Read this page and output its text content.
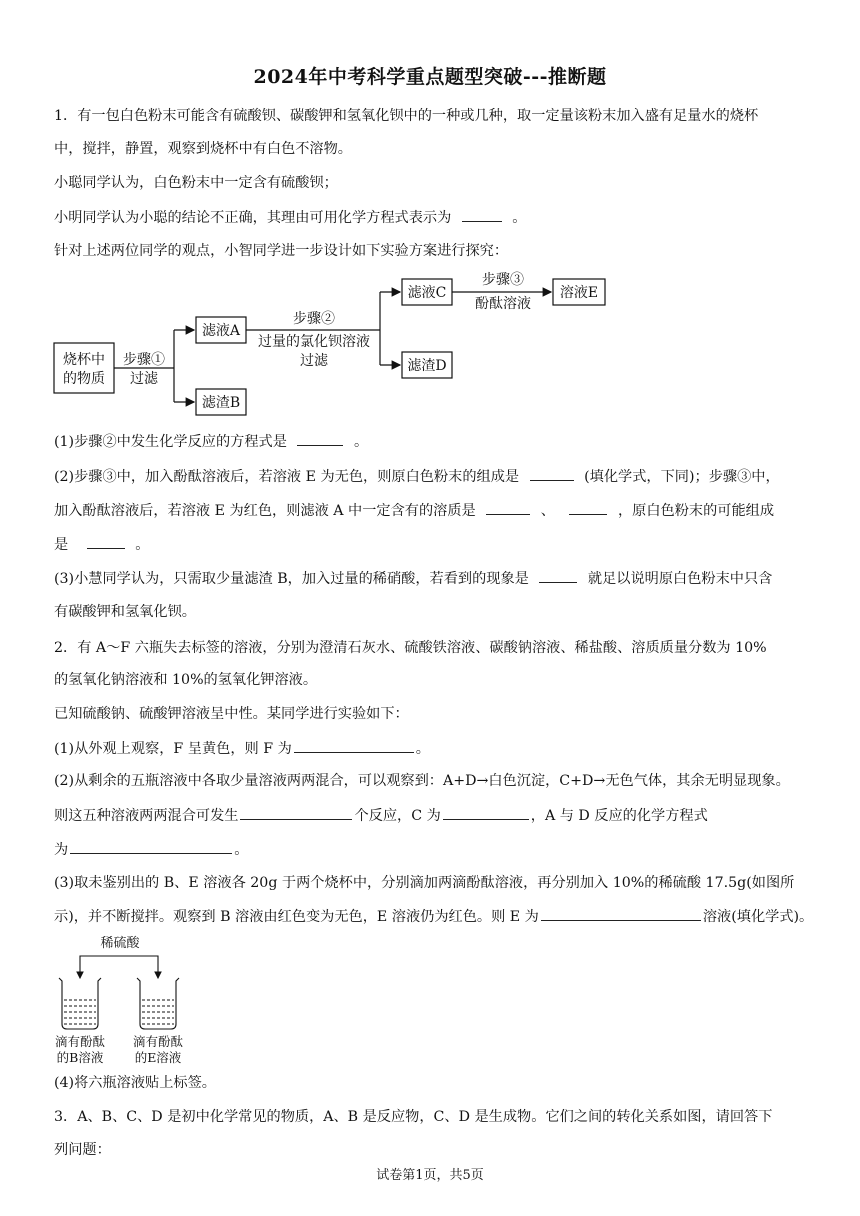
2024年中考科学重点题型突破---推断题
1．有一包白色粉末可能含有硫酸钡、碳酸钾和氢氧化钡中的一种或几种，取一定量该粉末加入盛有足量水的烧杯
中，搅拌，静置，观察到烧杯中有白色不溶物。
小聪同学认为，白色粉末中一定含有硫酸钡；
小明同学认为小聪的结论不正确，其理由可用化学方程式表示为	。
针对上述两位同学的观点，小智同学进一步设计如下实验方案进行探究：
烧杯中
的物质
步骤①
过滤
滤液A
滤渣B
步骤②
过量的氯化钡溶液
过滤
滤液C
滤渣D
步骤③
酚酞溶液
溶液E
(1)步骤②中发生化学反应的方程式是	。
(2)步骤③中，加入酚酞溶液后，若溶液 E 为无色，则原白色粉末的组成是	(填化学式，下同)；步骤③中，
加入酚酞溶液后，若溶液 E 为红色，则滤液 A 中一定含有的溶质是	、	，原白色粉末的可能组成
是	。
(3)小慧同学认为，只需取少量滤渣 B，加入过量的稀硝酸，若看到的现象是	就足以说明原白色粉末中只含
有碳酸钾和氢氧化钡。
2．有 A～F 六瓶失去标签的溶液，分别为澄清石灰水、硫酸铁溶液、碳酸钠溶液、稀盐酸、溶质质量分数为 10%
的氢氧化钠溶液和 10%的氢氧化钾溶液。
已知硫酸钠、硫酸钾溶液呈中性。某同学进行实验如下：
(1)从外观上观察，F 呈黄色，则 F 为	。
(2)从剩余的五瓶溶液中各取少量溶液两两混合，可以观察到：A+D→白色沉淀，C+D→无色气体，其余无明显现象。
则这五种溶液两两混合可发生	个反应，C 为	，A 与 D 反应的化学方程式
为	。
(3)取未鉴别出的 B、E 溶液各 20g 于两个烧杯中，分别滴加两滴酚酞溶液，再分别加入 10%的稀硫酸 17.5g(如图所
示)，并不断搅拌。观察到 B 溶液由红色变为无色，E 溶液仍为红色。则 E 为	溶液(填化学式)。
稀硫酸
滴有酚酞
的B溶液
滴有酚酞
的E溶液
(4)将六瓶溶液贴上标签。
3．A、B、C、D 是初中化学常见的物质，A、B 是反应物，C、D 是生成物。它们之间的转化关系如图，请回答下
列问题：
试卷第1页，共5页
